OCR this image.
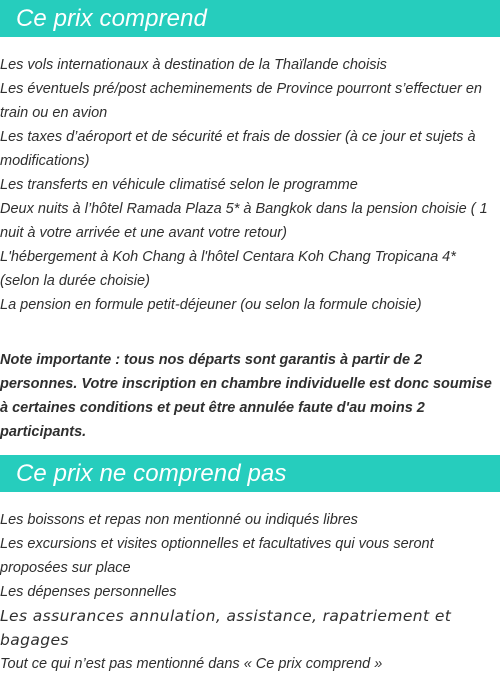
Ce prix comprend
Les vols internationaux à destination de la Thaïlande choisis
Les éventuels pré/post acheminements de Province pourront s’effectuer en train ou en avion
Les taxes d’aéroport et de sécurité et frais de dossier (à ce jour et sujets à modifications)
Les transferts en véhicule climatisé selon le programme
Deux nuits à l’hôtel Ramada Plaza 5* à Bangkok dans la pension choisie ( 1 nuit à votre arrivée et une avant votre retour)
L'hébergement à Koh Chang à l'hôtel Centara Koh Chang Tropicana 4* (selon la durée choisie)
La pension en formule petit-déjeuner (ou selon la formule choisie)

Note importante : tous nos départs sont garantis à partir de 2 personnes. Votre inscription en chambre individuelle est donc soumise à certaines conditions et peut être annulée faute d'au moins 2 participants.

Ce prix ne comprend pas
Les boissons et repas non mentionné ou indiqués libres
Les excursions et visites optionnelles et facultatives qui vous seront proposées sur place
Les dépenses personnelles
Les assurances annulation, assistance, rapatriement et bagages
Tout ce qui n’est pas mentionné dans « Ce prix comprend »
